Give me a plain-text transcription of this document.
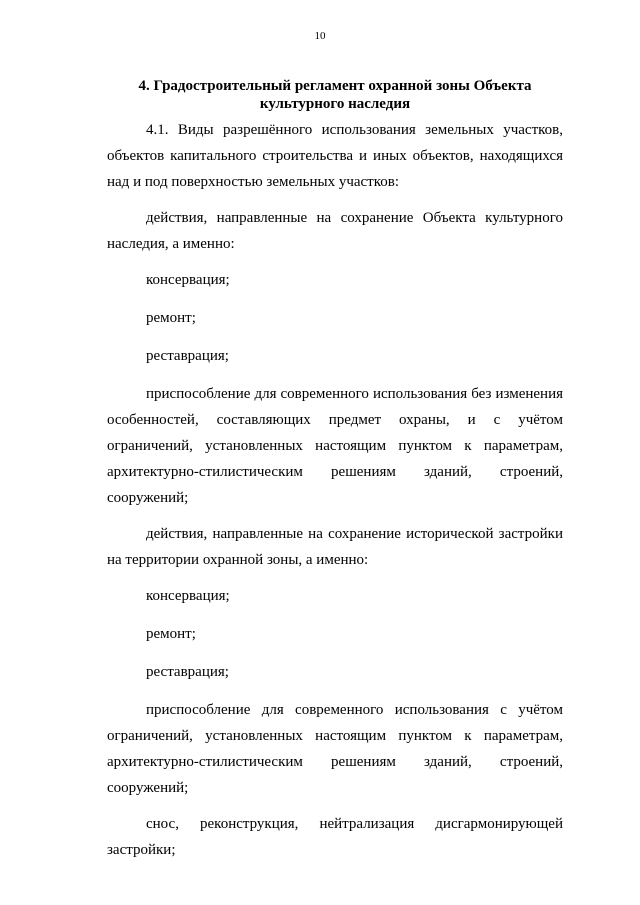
10
4. Градостроительный регламент охранной зоны Объекта
культурного наследия

4.1. Виды разрешённого использования земельных участков, объектов капитального строительства и иных объектов, находящихся над и под поверхностью земельных участков:

действия, направленные на сохранение Объекта культурного наследия, а именно:

консервация;

ремонт;

реставрация;

приспособление для современного использования без изменения особенностей, составляющих предмет охраны, и с учётом ограничений, установленных настоящим пунктом к параметрам, архитектурно-стилистическим решениям зданий, строений, сооружений;

действия, направленные на сохранение исторической застройки на территории охранной зоны, а именно:

консервация;

ремонт;

реставрация;

приспособление для современного использования с учётом ограничений, установленных настоящим пунктом к параметрам, архитектурно-стилистическим решениям зданий, строений, сооружений;

снос, реконструкция, нейтрализация дисгармонирующей застройки;
